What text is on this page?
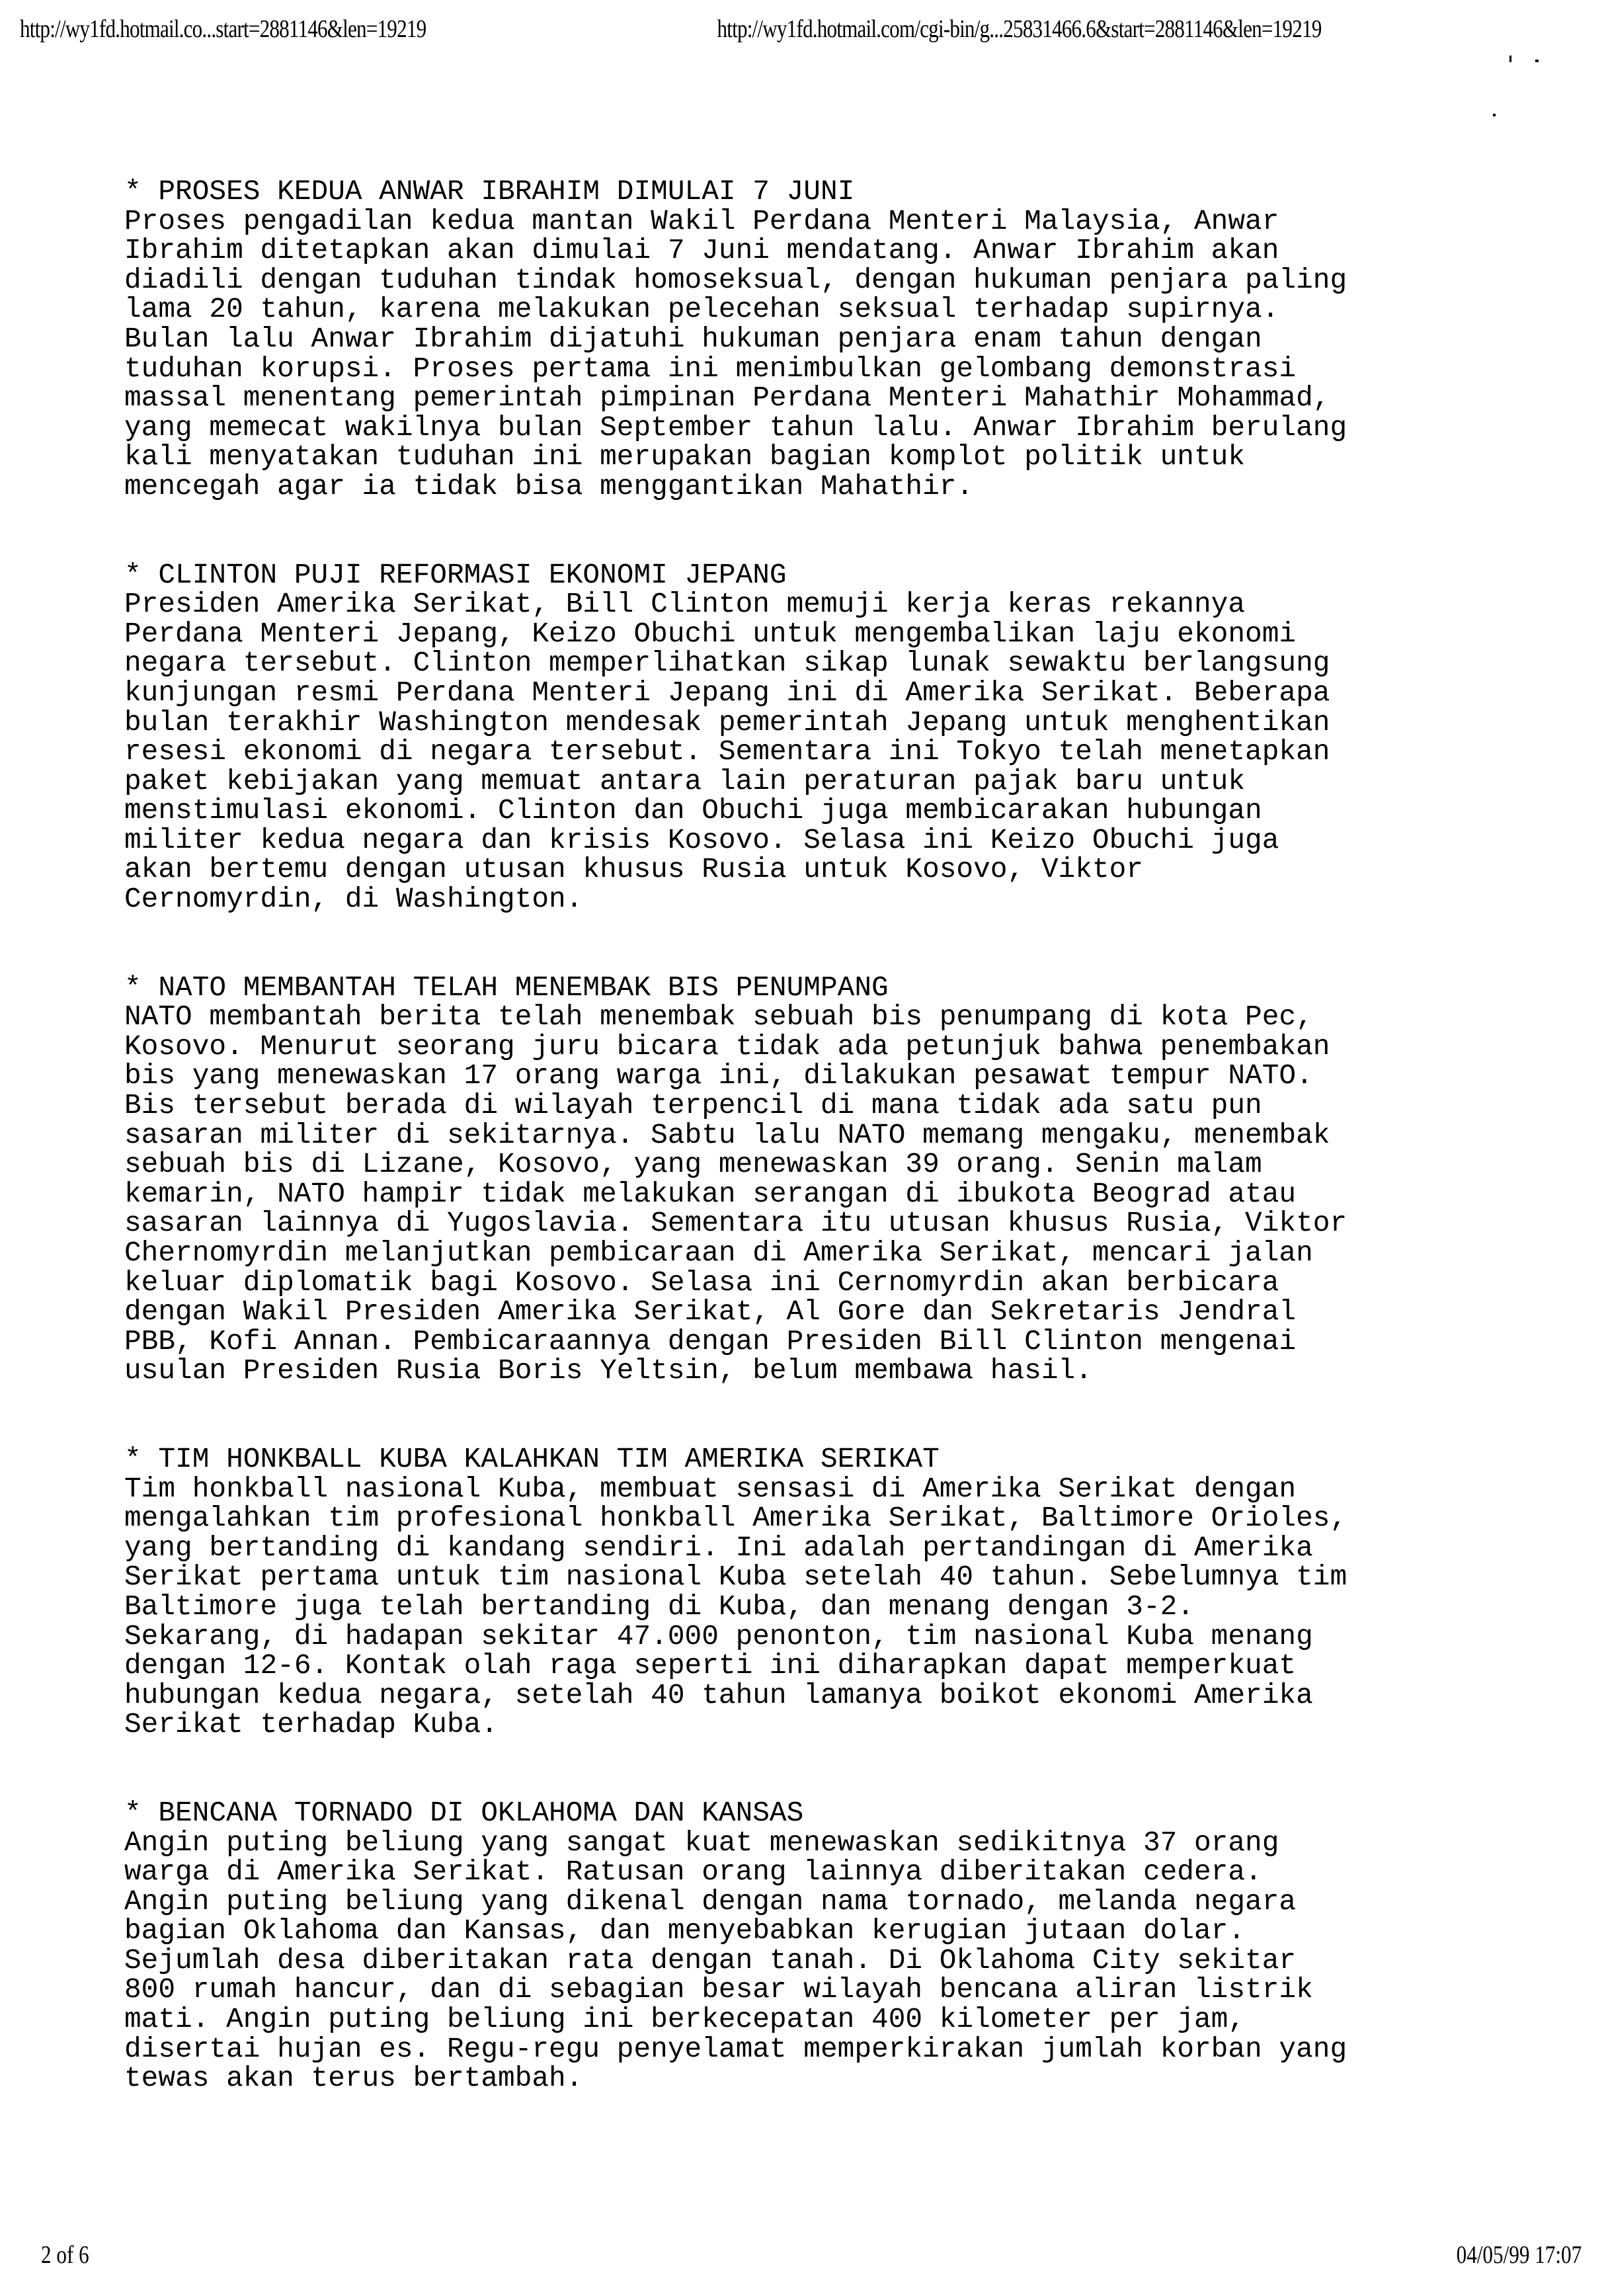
http://wy1fd.hotmail.co...start=2881146&len=19219	http://wy1fd.hotmail.com/cgi-bin/g...25831466.6&start=2881146&len=19219
* PROSES KEDUA ANWAR IBRAHIM DIMULAI 7 JUNI
Proses pengadilan kedua mantan Wakil Perdana Menteri Malaysia, Anwar
Ibrahim ditetapkan akan dimulai 7 Juni mendatang. Anwar Ibrahim akan
diadili dengan tuduhan tindak homoseksual, dengan hukuman penjara paling
lama 20 tahun, karena melakukan pelecehan seksual terhadap supirnya.
Bulan lalu Anwar Ibrahim dijatuhi hukuman penjara enam tahun dengan
tuduhan korupsi. Proses pertama ini menimbulkan gelombang demonstrasi
massal menentang pemerintah pimpinan Perdana Menteri Mahathir Mohammad,
yang memecat wakilnya bulan September tahun lalu. Anwar Ibrahim berulang
kali menyatakan tuduhan ini merupakan bagian komplot politik untuk
mencegah agar ia tidak bisa menggantikan Mahathir.
* CLINTON PUJI REFORMASI EKONOMI JEPANG
Presiden Amerika Serikat, Bill Clinton memuji kerja keras rekannya
Perdana Menteri Jepang, Keizo Obuchi untuk mengembalikan laju ekonomi
negara tersebut. Clinton memperlihatkan sikap lunak sewaktu berlangsung
kunjungan resmi Perdana Menteri Jepang ini di Amerika Serikat. Beberapa
bulan terakhir Washington mendesak pemerintah Jepang untuk menghentikan
resesi ekonomi di negara tersebut. Sementara ini Tokyo telah menetapkan
paket kebijakan yang memuat antara lain peraturan pajak baru untuk
menstimulasi ekonomi. Clinton dan Obuchi juga membicarakan hubungan
militer kedua negara dan krisis Kosovo. Selasa ini Keizo Obuchi juga
akan bertemu dengan utusan khusus Rusia untuk Kosovo, Viktor
Cernomyrdin, di Washington.
* NATO MEMBANTAH TELAH MENEMBAK BIS PENUMPANG
NATO membantah berita telah menembak sebuah bis penumpang di kota Pec,
Kosovo. Menurut seorang juru bicara tidak ada petunjuk bahwa penembakan
bis yang menewaskan 17 orang warga ini, dilakukan pesawat tempur NATO.
Bis tersebut berada di wilayah terpencil di mana tidak ada satu pun
sasaran militer di sekitarnya. Sabtu lalu NATO memang mengaku, menembak
sebuah bis di Lizane, Kosovo, yang menewaskan 39 orang. Senin malam
kemarin, NATO hampir tidak melakukan serangan di ibukota Beograd atau
sasaran lainnya di Yugoslavia. Sementara itu utusan khusus Rusia, Viktor
Chernomyrdin melanjutkan pembicaraan di Amerika Serikat, mencari jalan
keluar diplomatik bagi Kosovo. Selasa ini Cernomyrdin akan berbicara
dengan Wakil Presiden Amerika Serikat, Al Gore dan Sekretaris Jendral
PBB, Kofi Annan. Pembicaraannya dengan Presiden Bill Clinton mengenai
usulan Presiden Rusia Boris Yeltsin, belum membawa hasil.
* TIM HONKBALL KUBA KALAHKAN TIM AMERIKA SERIKAT
Tim honkball nasional Kuba, membuat sensasi di Amerika Serikat dengan
mengalahkan tim profesional honkball Amerika Serikat, Baltimore Orioles,
yang bertanding di kandang sendiri. Ini adalah pertandingan di Amerika
Serikat pertama untuk tim nasional Kuba setelah 40 tahun. Sebelumnya tim
Baltimore juga telah bertanding di Kuba, dan menang dengan 3-2.
Sekarang, di hadapan sekitar 47.000 penonton, tim nasional Kuba menang
dengan 12-6. Kontak olah raga seperti ini diharapkan dapat memperkuat
hubungan kedua negara, setelah 40 tahun lamanya boikot ekonomi Amerika
Serikat terhadap Kuba.
* BENCANA TORNADO DI OKLAHOMA DAN KANSAS
Angin puting beliung yang sangat kuat menewaskan sedikitnya 37 orang
warga di Amerika Serikat. Ratusan orang lainnya diberitakan cedera.
Angin puting beliung yang dikenal dengan nama tornado, melanda negara
bagian Oklahoma dan Kansas, dan menyebabkan kerugian jutaan dolar.
Sejumlah desa diberitakan rata dengan tanah. Di Oklahoma City sekitar
800 rumah hancur, dan di sebagian besar wilayah bencana aliran listrik
mati. Angin puting beliung ini berkecepatan 400 kilometer per jam,
disertai hujan es. Regu-regu penyelamat memperkirakan jumlah korban yang
tewas akan terus bertambah.
2 of 6	04/05/99 17:07
